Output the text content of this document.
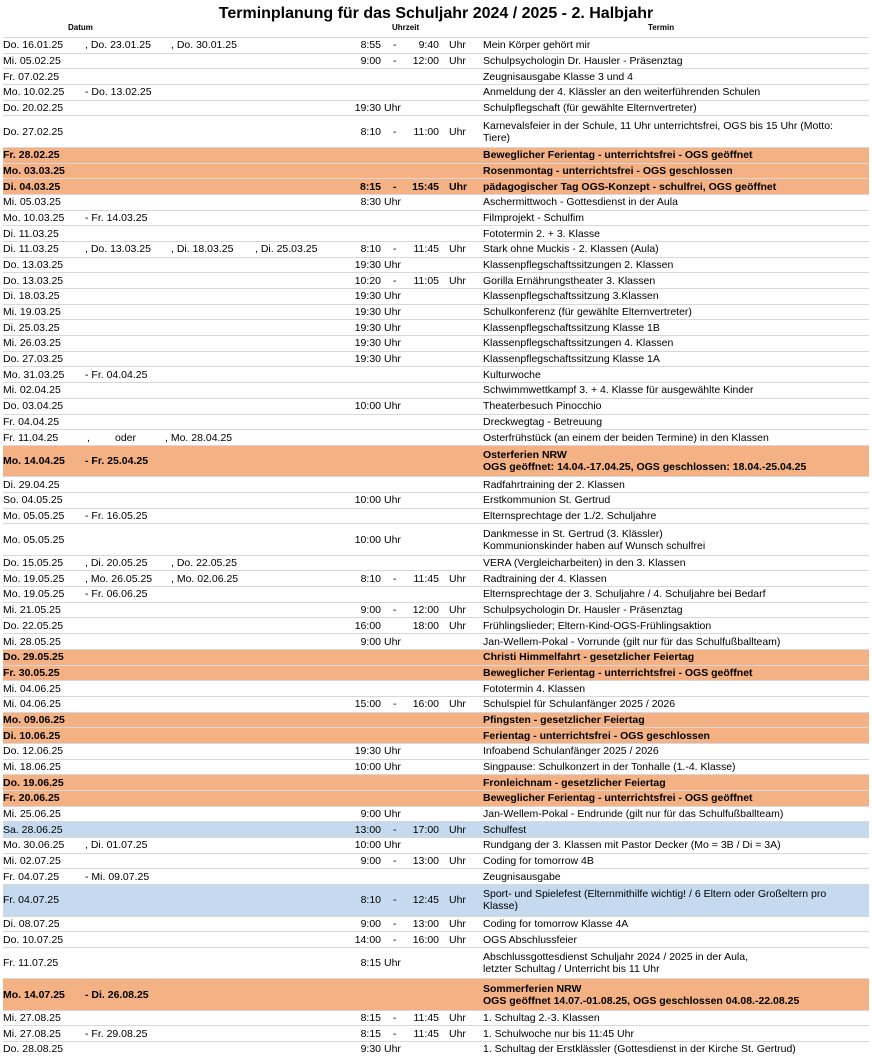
Terminplanung für das Schuljahr 2024 / 2025 - 2. Halbjahr
Datum	Uhrzeit	Termin
Do. 16.01.25 , Do. 23.01.25 , Do. 30.01.25	8:55 -	9:40 Uhr Mein Körper gehört mir
Mi. 05.02.25	9:00 -	12:00 Uhr Schulpsychologin Dr. Hausler - Präsenztag
Fr. 07.02.25	Zeugnisausgabe Klasse 3 und 4
Mo. 10.02.25 - Do. 13.02.25	Anmeldung der 4. Klässler an den weiterführenden Schulen
Do. 20.02.25	19:30 Uhr	Schulpflegschaft (für gewählte Elternvertreter)
Do. 27.02.25	8:10 -	11:00 Uhr Karnevalsfeier in der Schule, 11 Uhr unterrichtsfrei, OGS bis 15 Uhr (Motto:
Tiere)
Fr. 28.02.25	Beweglicher Ferientag - unterrichtsfrei - OGS geöffnet
Mo. 03.03.25	Rosenmontag - unterrichtsfrei - OGS geschlossen
Di. 04.03.25	8:15 -	15:45 Uhr pädagogischer Tag OGS-Konzept - schulfrei, OGS geöffnet
Mi. 05.03.25	8:30 Uhr	Aschermittwoch - Gottesdienst in der Aula
Mo. 10.03.25 - Fr. 14.03.25	Filmprojekt - Schulfim
Di. 11.03.25	Fototermin 2. + 3. Klasse
Di. 11.03.25 , Do. 13.03.25 , Di. 18.03.25 , Di. 25.03.25	8:10 -	11:45 Uhr Stark ohne Muckis - 2. Klassen (Aula)
Do. 13.03.25	19:30 Uhr	Klassenpflegschaftssitzungen 2. Klassen
Do. 13.03.25	10:20 -	11:05 Uhr Gorilla Ernährungstheater 3. Klassen
Di. 18.03.25	19:30 Uhr	Klassenpflegschaftssitzung 3.Klassen
Mi. 19.03.25	19:30 Uhr	Schulkonferenz (für gewählte Elternvertreter)
Di. 25.03.25	19:30 Uhr	Klassenpflegschaftssitzung Klasse 1B
Mi. 26.03.25	19:30 Uhr	Klassenpflegschaftssitzungen 4. Klassen
Do. 27.03.25	19:30 Uhr	Klassenpflegschaftssitzung Klasse 1A
Mo. 31.03.25 - Fr. 04.04.25	Kulturwoche
Mi. 02.04.25	Schwimmwettkampf 3. + 4. Klasse für ausgewählte Kinder
Do. 03.04.25	10:00 Uhr	Theaterbesuch Pinocchio
Fr. 04.04.25	Dreckwegtag - Betreuung
Fr. 11.04.25	, oder	, Mo. 28.04.25	Osterfrühstück (an einem der beiden Termine) in den Klassen
Mo. 14.04.25 - Fr. 25.04.25	Osterferien NRW
OGS geöffnet: 14.04.-17.04.25, OGS geschlossen: 18.04.-25.04.25
Di. 29.04.25	Radfahrtraining der 2. Klassen
So. 04.05.25	10:00 Uhr	Erstkommunion St. Gertrud
Mo. 05.05.25 - Fr. 16.05.25	Elternsprechtage der 1./2. Schuljahre
Mo. 05.05.25	10:00 Uhr	Dankmesse in St. Gertrud (3. Klässler)
Kommunionskinder haben auf Wunsch schulfrei
Do. 15.05.25 , Di. 20.05.25 , Do. 22.05.25	VERA (Vergleicharbeiten) in den 3. Klassen
Mo. 19.05.25 , Mo. 26.05.25 , Mo. 02.06.25	8:10 -	11:45 Uhr Radtraining der 4. Klassen
Mo. 19.05.25 - Fr. 06.06.25	Elternsprechtage der 3. Schuljahre / 4. Schuljahre bei Bedarf
Mi. 21.05.25	9:00 -	12:00 Uhr Schulpsychologin Dr. Hausler - Präsenztag
Do. 22.05.25	16:00	18:00 Uhr Frühlingslieder; Eltern-Kind-OGS-Frühlingsaktion
Mi. 28.05.25	9:00 Uhr	Jan-Wellem-Pokal - Vorrunde (gilt nur für das Schulfußballteam)
Do. 29.05.25	Christi Himmelfahrt - gesetzlicher Feiertag
Fr. 30.05.25	Beweglicher Ferientag - unterrichtsfrei - OGS geöffnet
Mi. 04.06.25	Fototermin 4. Klassen
Mi. 04.06.25	15:00 -	16:00 Uhr Schulspiel für Schulanfänger 2025 / 2026
Mo. 09.06.25	Pfingsten - gesetzlicher Feiertag
Di. 10.06.25	Ferientag - unterrichtsfrei - OGS geschlossen
Do. 12.06.25	19:30 Uhr	Infoabend Schulanfänger 2025 / 2026
Mi. 18.06.25	10:00 Uhr	Singpause: Schulkonzert in der Tonhalle (1.-4. Klasse)
Do. 19.06.25	Fronleichnam - gesetzlicher Feiertag
Fr. 20.06.25	Beweglicher Ferientag - unterrichtsfrei - OGS geöffnet
Mi. 25.06.25	9:00 Uhr	Jan-Wellem-Pokal - Endrunde (gilt nur für das Schulfußballteam)
Sa. 28.06.25	13:00 -	17:00 Uhr Schulfest
Mo. 30.06.25 , Di. 01.07.25	10:00 Uhr	Rundgang der 3. Klassen mit Pastor Decker (Mo = 3B / Di = 3A)
Mi. 02.07.25	9:00 -	13:00 Uhr Coding for tomorrow 4B
Fr. 04.07.25 - Mi. 09.07.25	Zeugnisausgabe
Fr. 04.07.25	8:10 -	12:45 Uhr Sport- und Spielefest (Elternmithilfe wichtig! / 6 Eltern oder Großeltern pro
Klasse)
Di. 08.07.25	9:00 -	13:00 Uhr Coding for tomorrow Klasse 4A
Do. 10.07.25	14:00 -	16:00 Uhr OGS Abschlussfeier
Fr. 11.07.25	8:15 Uhr	Abschlussgottesdienst Schuljahr 2024 / 2025 in der Aula,
letzter Schultag / Unterricht bis 11 Uhr
Mo. 14.07.25 - Di. 26.08.25	Sommerferien NRW
OGS geöffnet 14.07.-01.08.25, OGS geschlossen 04.08.-22.08.25
Mi. 27.08.25	8:15 -	11:45 Uhr 1. Schultag 2.-3. Klassen
Mi. 27.08.25 - Fr. 29.08.25	8:15 -	11:45 Uhr 1. Schulwoche nur bis 11:45 Uhr
Do. 28.08.25	9:30 Uhr	1. Schultag der Erstklässler (Gottesdienst in der Kirche St. Gertrud)
